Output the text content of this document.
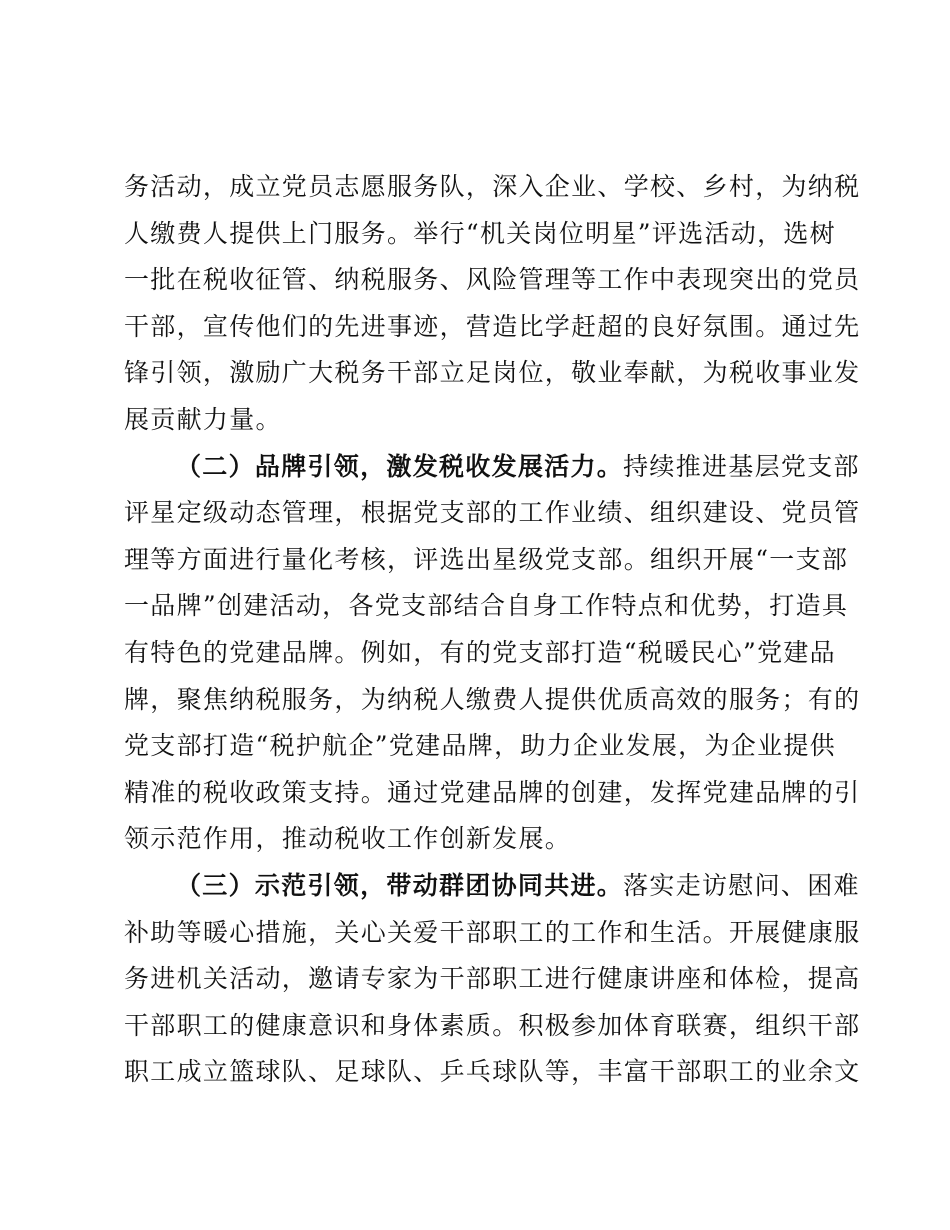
务活动，成立党员志愿服务队，深入企业、学校、乡村，为纳税
人缴费人提供上门服务。举行“机关岗位明星”评选活动，选树
一批在税收征管、纳税服务、风险管理等工作中表现突出的党员
干部，宣传他们的先进事迹，营造比学赶超的良好氛围。通过先
锋引领，激励广大税务干部立足岗位，敬业奉献，为税收事业发
展贡献力量。
（二）品牌引领，激发税收发展活力。持续推进基层党支部
评星定级动态管理，根据党支部的工作业绩、组织建设、党员管
理等方面进行量化考核，评选出星级党支部。组织开展“一支部
一品牌”创建活动，各党支部结合自身工作特点和优势，打造具
有特色的党建品牌。例如，有的党支部打造“税暖民心”党建品
牌，聚焦纳税服务，为纳税人缴费人提供优质高效的服务；有的
党支部打造“税护航企”党建品牌，助力企业发展，为企业提供
精准的税收政策支持。通过党建品牌的创建，发挥党建品牌的引
领示范作用，推动税收工作创新发展。
（三）示范引领，带动群团协同共进。落实走访慰问、困难
补助等暖心措施，关心关爱干部职工的工作和生活。开展健康服
务进机关活动，邀请专家为干部职工进行健康讲座和体检，提高
干部职工的健康意识和身体素质。积极参加体育联赛，组织干部
职工成立篮球队、足球队、乒乓球队等，丰富干部职工的业余文
